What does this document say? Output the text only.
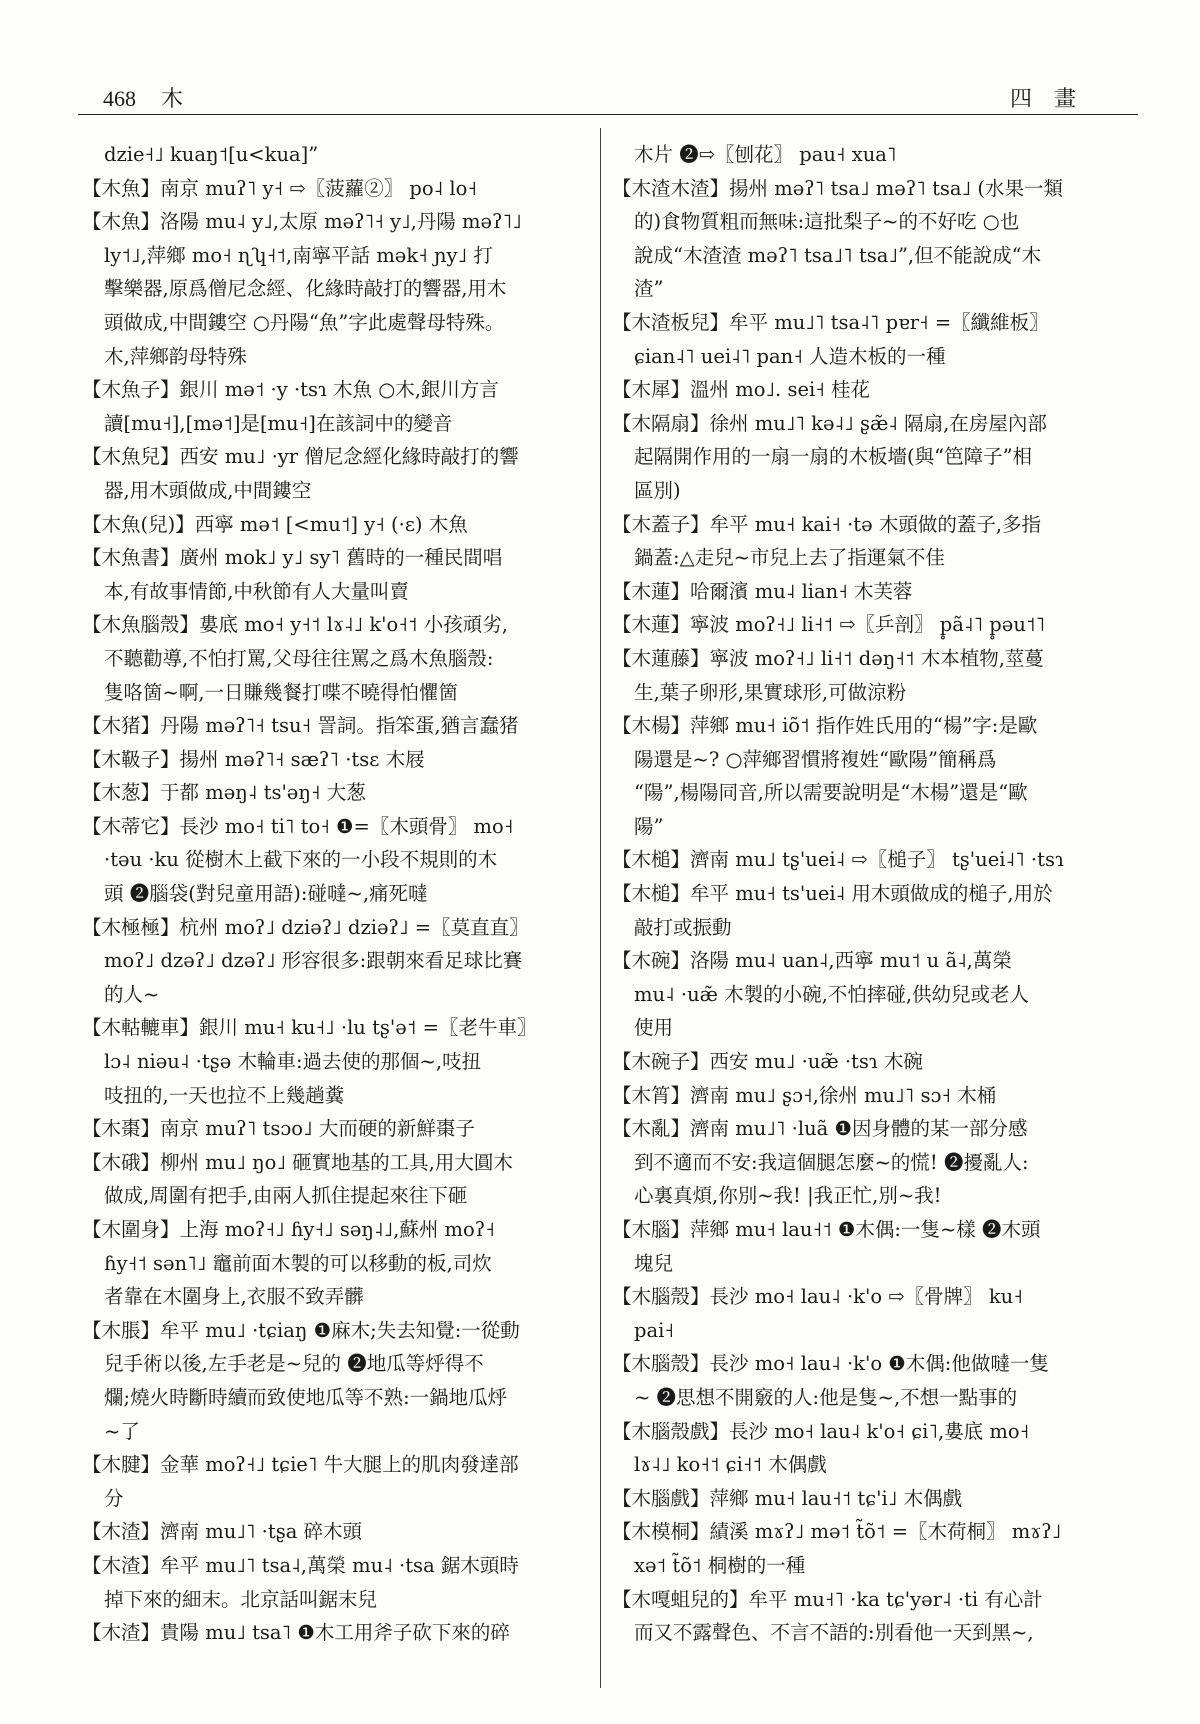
468 木	四畫
dzie˧˩ kuaŋ˦[u<kua]”
【木魚】南京 muʔ˥ y˧ ⇨〖菠蘿②〗 po˨ lo˧
【木魚】洛陽 mu˨ y˩,太原 məʔ˥˧ y˩,丹陽 məʔ˥˩
ly˦˩,萍鄉 mo˧ ɳʮ˧˦,南寧平話 mək˧ ɲy˩ 打
擊樂器,原爲僧尼念經、化緣時敲打的響器,用木
頭做成,中間鏤空 ○丹陽“魚”字此處聲母特殊。
木,萍鄉韵母特殊
【木魚子】銀川 mə˦ ·y ·tsɿ 木魚 ○木,銀川方言
讀[mu˧],[mə˦]是[mu˧]在該詞中的變音
【木魚兒】西安 mu˩ ·yr 僧尼念經化緣時敲打的響
器,用木頭做成,中間鏤空
【木魚(兒)】西寧 mə˦ [<mu˦] y˧ (·ɛ) 木魚
【木魚書】廣州 mok˩ y˩ sy˥ 舊時的一種民間唱
本,有故事情節,中秋節有人大量叫賣
【木魚腦殼】婁底 mo˧ y˧˦ lɤ˨˩ k'o˧˦ 小孩頑劣,
不聽勸導,不怕打罵,父母往往罵之爲木魚腦殼:
隻咯箇~啊,一日賺幾餐打喋不曉得怕懼箇
【木猪】丹陽 məʔ˥˧ tsu˧ 詈詞。指笨蛋,猶言蠢猪
【木靸子】揚州 məʔ˥˧ sæʔ˥ ·tsɛ 木屐
【木葱】于都 məŋ˨ ts'əŋ˧ 大葱
【木蒂它】長沙 mo˧ ti˥ to˧ ❶=〖木頭骨〗 mo˧
·təu ·ku 從樹木上截下來的一小段不規則的木
頭 ❷腦袋(對兒童用語):碰噠~,痛死噠
【木極極】杭州 moʔ˩ dziəʔ˩ dziəʔ˩ =〖莫直直〗
moʔ˩ dzəʔ˩ dzəʔ˩ 形容很多:跟朝來看足球比賽
的人~
【木軲轆車】銀川 mu˧ ku˧˩ ·lu tʂ'ə˦ =〖老牛車〗
lɔ˨ niəu˨ ·tʂə 木輪車:過去使的那個~,吱扭
吱扭的,一天也拉不上幾趟糞
【木棗】南京 muʔ˥ tsɔo˩ 大而硬的新鮮棗子
【木硪】柳州 mu˩ ŋo˩ 砸實地基的工具,用大圓木
做成,周圍有把手,由兩人抓住提起來往下砸
【木圍身】上海 moʔ˧˩ ɦy˧˩ səŋ˨˩,蘇州 moʔ˧
ɦy˧˦ sən˥˩ 竈前面木製的可以移動的板,司炊
者靠在木圍身上,衣服不致弄髒
【木脹】牟平 mu˩ ·tɕiaŋ ❶麻木;失去知覺:一從動
兒手術以後,左手老是~兒的 ❷地瓜等烀得不
爛;燒火時斷時續而致使地瓜等不熟:一鍋地瓜烀
~了
【木腱】金華 moʔ˧˩ tɕie˥ 牛大腿上的肌肉發達部
分
【木渣】濟南 mu˩˥ ·tʂa 碎木頭
【木渣】牟平 mu˩˥ tsa˨,萬榮 mu˨ ·tsa 鋸木頭時
掉下來的細末。北京話叫鋸末兒
【木渣】貴陽 mu˩ tsa˥ ❶木工用斧子砍下來的碎
木片 ❷⇨〖刨花〗 pau˧ xua˥
【木渣木渣】揚州 məʔ˥ tsa˩ məʔ˥ tsa˩ (水果一類
的)食物質粗而無味:這批梨子~的不好吃 ○也
說成“木渣渣 məʔ˥ tsa˩˥ tsa˩”,但不能說成“木
渣”
【木渣板兒】牟平 mu˩˥ tsa˨˥ pɐr˧ =〖纖維板〗
ɕian˨˥ uei˨˥ pan˧ 人造木板的一種
【木犀】溫州 mo˩. sei˧ 桂花
【木隔扇】徐州 mu˩˥ kə˨˩ ʂæ̃˨ 隔扇,在房屋內部
起隔開作用的一扇一扇的木板墻(與“笆障子”相
區別)
【木蓋子】牟平 mu˧ kai˧ ·tə 木頭做的蓋子,多指
鍋蓋:△走兒~市兒上去了指運氣不佳
【木蓮】哈爾濱 mu˨ lian˧ 木芙蓉
【木蓮】寧波 moʔ˧˩ li˧˦ ⇨〖乒剖〗 p̥ã˨˥ p̥əu˦˥
【木蓮藤】寧波 moʔ˧˩ li˧˦ dəŋ˧˦ 木本植物,莖蔓
生,葉子卵形,果實球形,可做涼粉
【木楊】萍鄉 mu˧ iõ˦ 指作姓氏用的“楊”字:是歐
陽還是~? ○萍鄉習慣將複姓“歐陽”簡稱爲
“陽”,楊陽同音,所以需要說明是“木楊”還是“歐
陽”
【木槌】濟南 mu˩ tʂ'uei˨ ⇨〖槌子〗 tʂ'uei˨˥ ·tsɿ
【木槌】牟平 mu˧ ts'uei˨ 用木頭做成的槌子,用於
敲打或振動
【木碗】洛陽 mu˨ uan˨,西寧 mu˦ u ã˨,萬榮
mu˨ ·uæ̃ 木製的小碗,不怕摔碰,供幼兒或老人
使用
【木碗子】西安 mu˩ ·uæ̃ ·tsɿ 木碗
【木筲】濟南 mu˩ ʂɔ˧,徐州 mu˩˥ sɔ˧ 木桶
【木亂】濟南 mu˩˥ ·luã ❶因身體的某一部分感
到不適而不安:我這個腿怎麼~的慌! ❷擾亂人:
心裏真煩,你別~我! |我正忙,別~我!
【木腦】萍鄉 mu˧ lau˧˦ ❶木偶:一隻~樣 ❷木頭
塊兒
【木腦殼】長沙 mo˧ lau˨ ·k'o ⇨〖骨牌〗 ku˧
pai˧
【木腦殼】長沙 mo˧ lau˨ ·k'o ❶木偶:他做噠一隻
~ ❷思想不開竅的人:他是隻~,不想一點事的
【木腦殼戲】長沙 mo˧ lau˨ k'o˧ ɕi˥,婁底 mo˧
lɤ˨˩ ko˧˦ ɕi˧˦ 木偶戲
【木腦戲】萍鄉 mu˧ lau˧˦ tɕ'i˩ 木偶戲
【木模桐】績溪 mɤʔ˩ mə˦ t̃õ˦ =〖木荷桐〗 mɤʔ˩
xə˦ t̃õ˦ 桐樹的一種
【木嘎蛆兒的】牟平 mu˧˥ ·ka tɕ'yər˨ ·ti 有心計
而又不露聲色、不言不語的:別看他一天到黑~,
